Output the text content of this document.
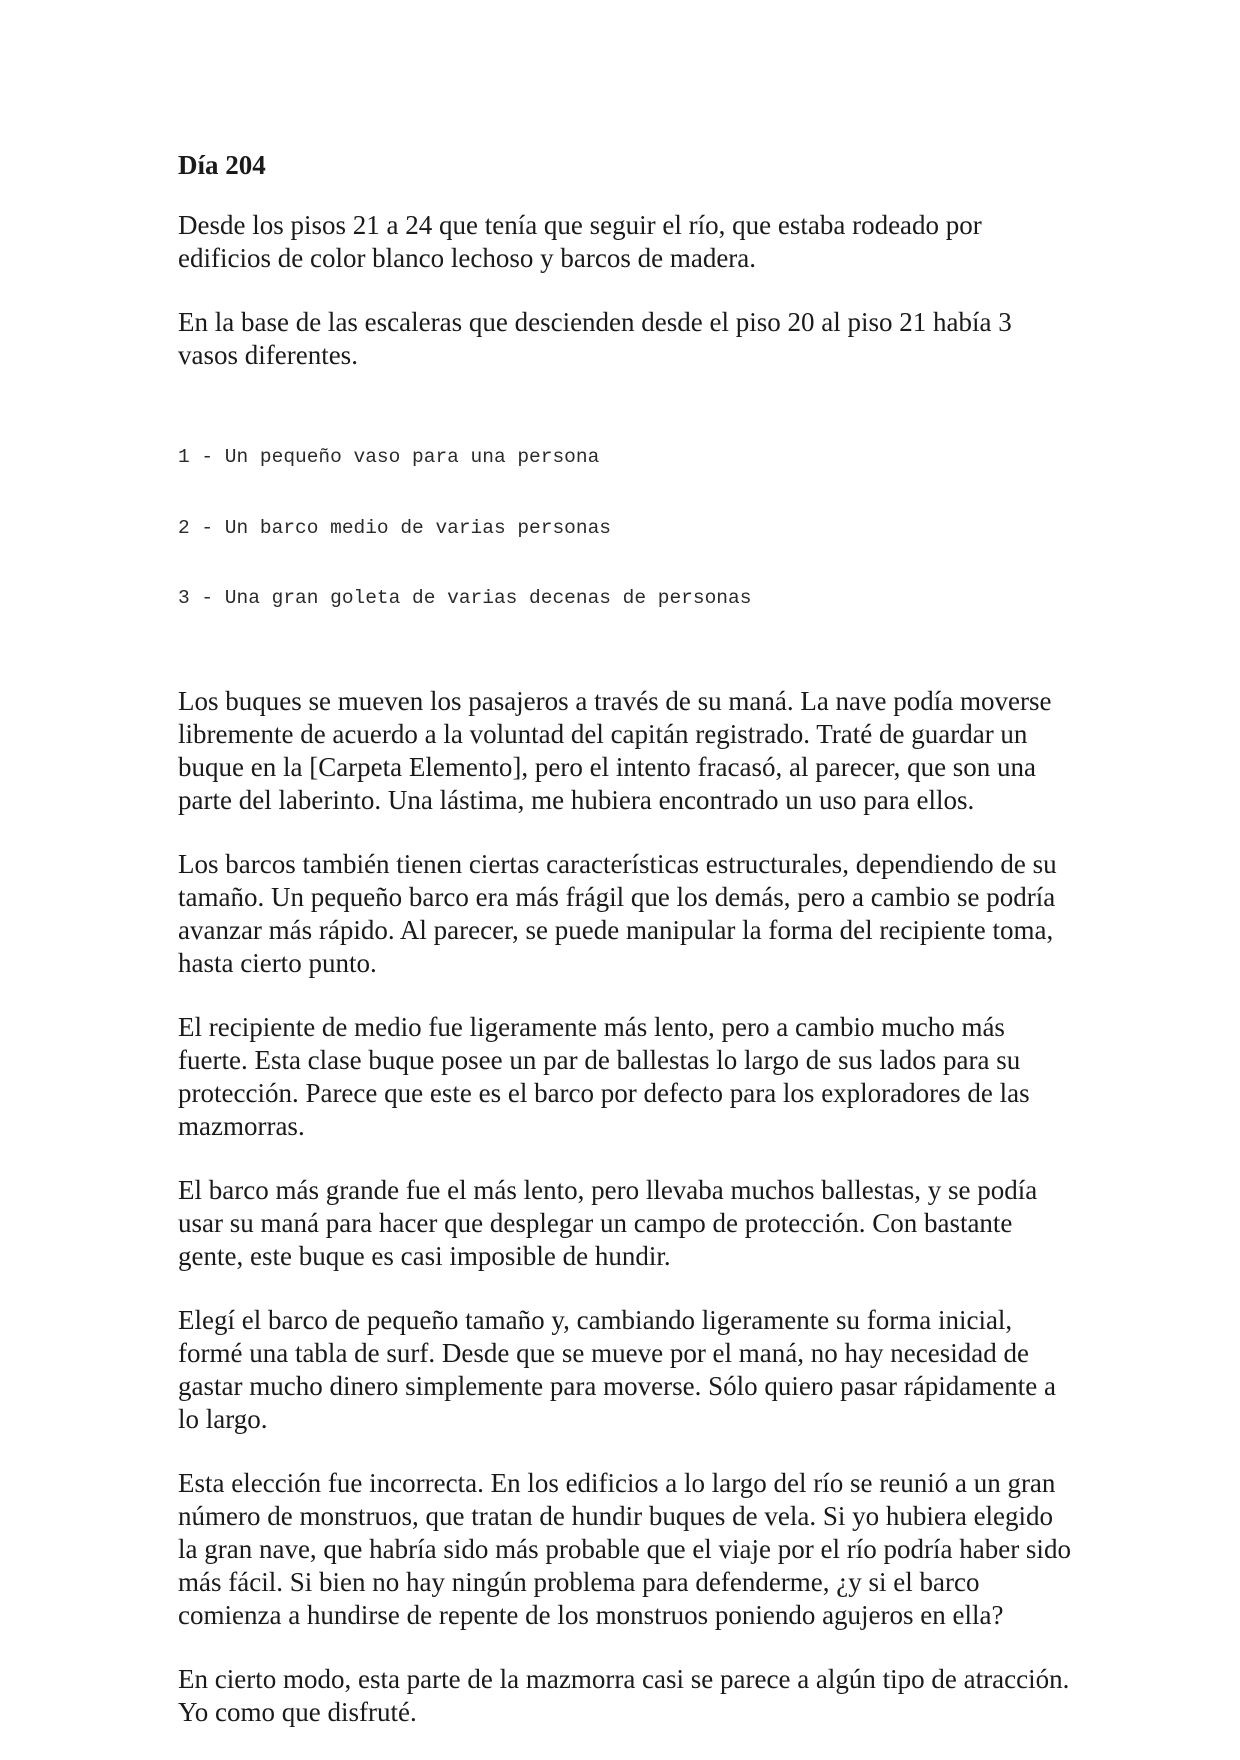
Día 204

Desde los pisos 21 a 24 que tenía que seguir el río, que estaba rodeado por edificios de color blanco lechoso y barcos de madera.

En la base de las escaleras que descienden desde el piso 20 al piso 21 había 3 vasos diferentes.

1 - Un pequeño vaso para una persona

2 - Un barco medio de varias personas

3 - Una gran goleta de varias decenas de personas

Los buques se mueven los pasajeros a través de su maná. La nave podía moverse libremente de acuerdo a la voluntad del capitán registrado. Traté de guardar un buque en la [Carpeta Elemento], pero el intento fracasó, al parecer, que son una parte del laberinto. Una lástima, me hubiera encontrado un uso para ellos.

Los barcos también tienen ciertas características estructurales, dependiendo de su tamaño. Un pequeño barco era más frágil que los demás, pero a cambio se podría avanzar más rápido. Al parecer, se puede manipular la forma del recipiente toma, hasta cierto punto.

El recipiente de medio fue ligeramente más lento, pero a cambio mucho más fuerte. Esta clase buque posee un par de ballestas lo largo de sus lados para su protección. Parece que este es el barco por defecto para los exploradores de las mazmorras.

El barco más grande fue el más lento, pero llevaba muchos ballestas, y se podía usar su maná para hacer que desplegar un campo de protección. Con bastante gente, este buque es casi imposible de hundir.

Elegí el barco de pequeño tamaño y, cambiando ligeramente su forma inicial, formé una tabla de surf. Desde que se mueve por el maná, no hay necesidad de gastar mucho dinero simplemente para moverse. Sólo quiero pasar rápidamente a lo largo.

Esta elección fue incorrecta. En los edificios a lo largo del río se reunió a un gran número de monstruos, que tratan de hundir buques de vela. Si yo hubiera elegido la gran nave, que habría sido más probable que el viaje por el río podría haber sido más fácil. Si bien no hay ningún problema para defenderme, ¿y si el barco comienza a hundirse de repente de los monstruos poniendo agujeros en ella?

En cierto modo, esta parte de la mazmorra casi se parece a algún tipo de atracción. Yo como que disfruté.
